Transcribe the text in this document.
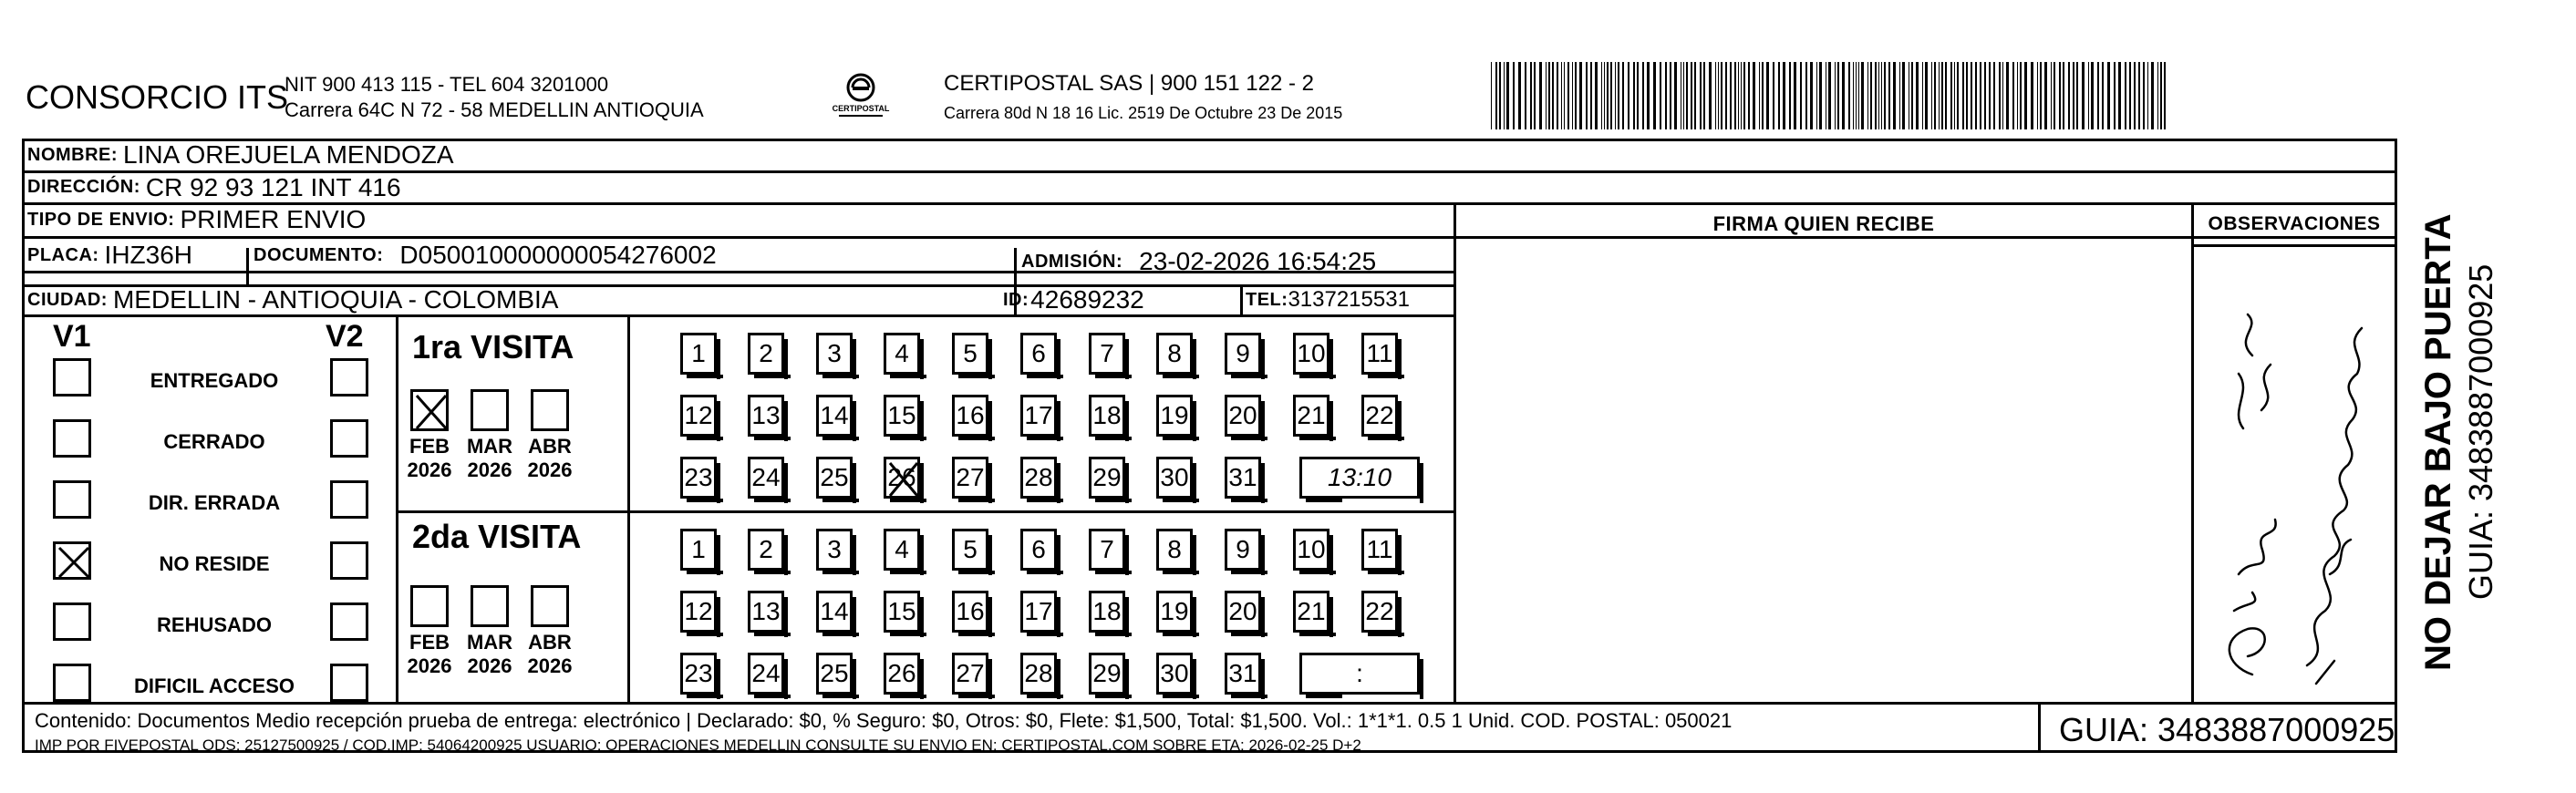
CONSORCIO ITS
NIT 900 413 115 - TEL 604 3201000
Carrera 64C N 72 - 58 MEDELLIN ANTIOQUIA	CERTIPOSTAL
CERTIPOSTAL SAS | 900 151 122 - 2
Carrera 80d N 18 16 Lic. 2519 De Octubre 23 De 2015
NOMBRE: LINA OREJUELA MENDOZA
DIRECCIÓN: CR 92 93 121 INT 416
TIPO DE ENVIO: PRIMER ENVIO	FIRMA QUIEN RECIBE	OBSERVACIONES
PLACA: IHZ36H	DOCUMENTO: D050010000000054276002	ADMISIÓN: 23-02-2026 16:54:25
CIUDAD: MEDELLIN - ANTIOQUIA - COLOMBIA	ID: 42689232	TEL: 3137215531
V1	V2
ENTREGADO
CERRADO
DIR. ERRADA
NO RESIDE
REHUSADO
DIFICIL ACCESO
1ra VISITA
2da VISITA
FEB
2026
MAR
2026
ABR
2026
1 2 3 4 5 6 7 8 9 10 11
12 13 14 15 16 17 18 19 20 21 22
23 24 25 26 27 28 29 30 31	13:10
FEB
2026
MAR
2026
ABR
2026
1 2 3 4 5 6 7 8 9 10 11
12 13 14 15 16 17 18 19 20 21 22
23 24 25 26 27 28 29 30 31	:
NO DEJAR BAJO PUERTA GUIA: 3483887000925
Contenido: Documentos Medio recepción prueba de entrega: electrónico | Declarado: $0, % Seguro: $0, Otros: $0, Flete: $1,500, Total: $1,500. Vol.: 1*1*1. 0.5 1 Unid. COD. POSTAL: 050021
IMP POR FIVEPOSTAL ODS: 25127500925 / COD.IMP: 54064200925 USUARIO: OPERACIONES MEDELLIN CONSULTE SU ENVIO EN: CERTIPOSTAL.COM SOBRE ETA: 2026-02-25 D+2	GUIA: 3483887000925
